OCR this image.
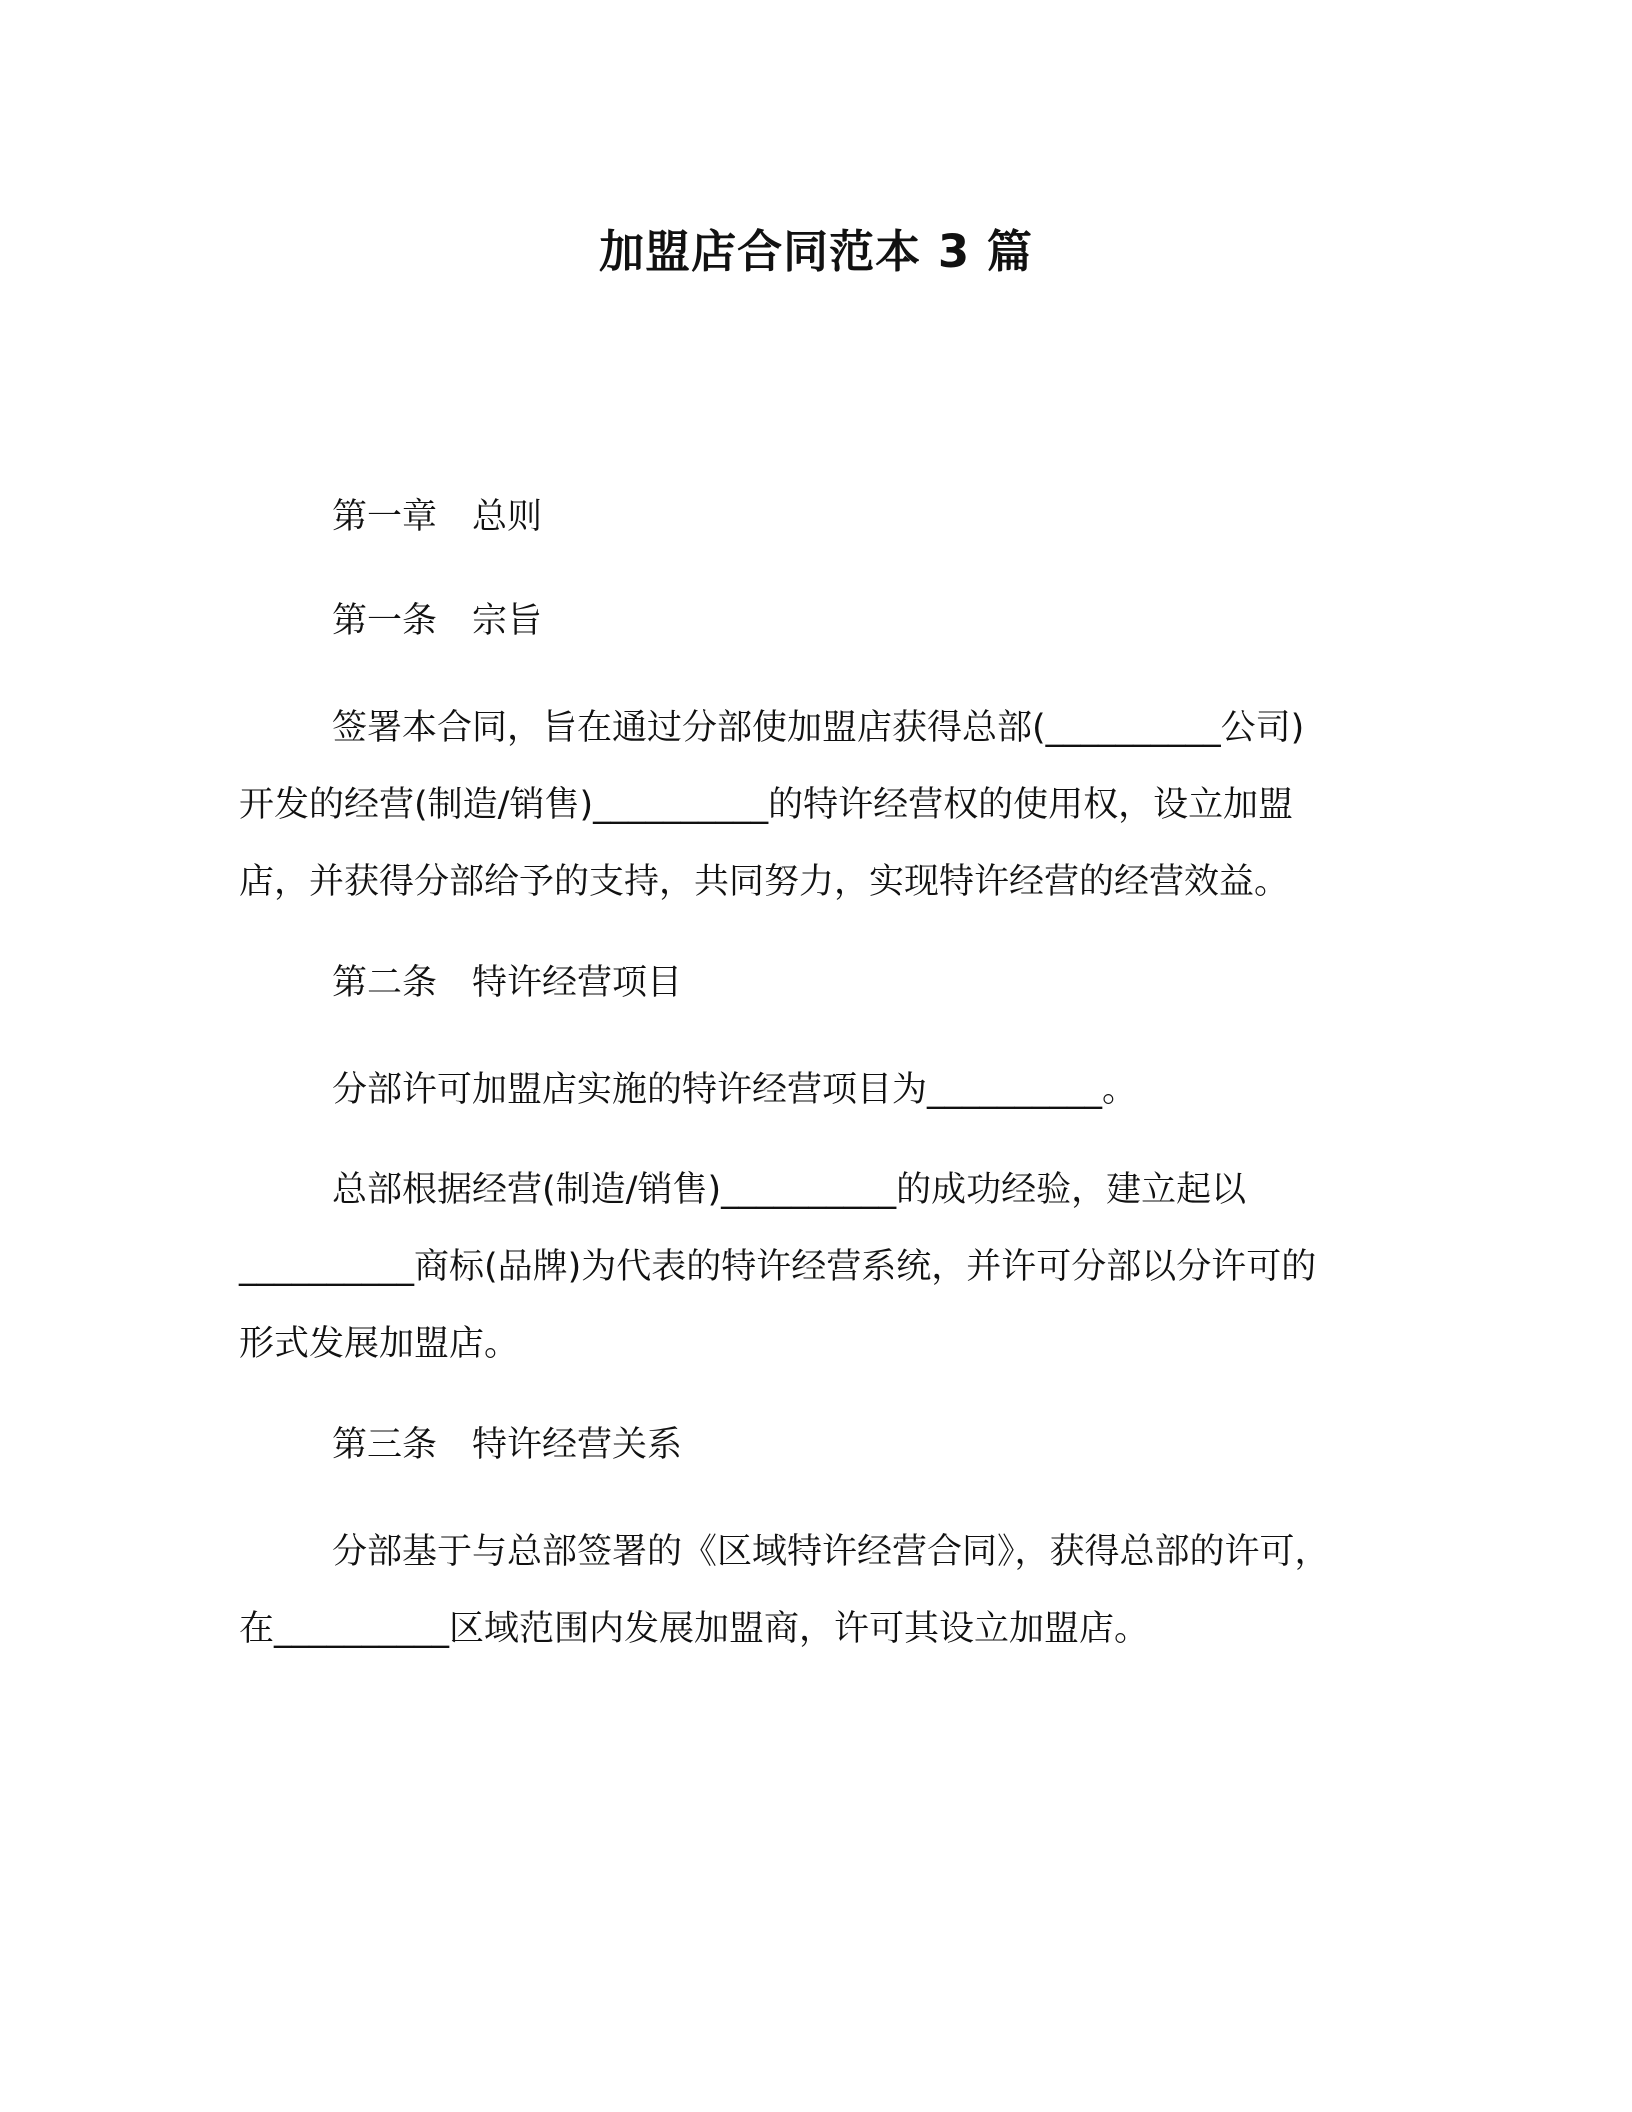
加盟店合同范本 3 篇
第一章　总则
第一条　宗旨
签署本合同，旨在通过分部使加盟店获得总部(__________公司)
开发的经营(制造/销售)__________的特许经营权的使用权，设立加盟
店，并获得分部给予的支持，共同努力，实现特许经营的经营效益。
第二条　特许经营项目
分部许可加盟店实施的特许经营项目为__________。
总部根据经营(制造/销售)__________的成功经验，建立起以
__________商标(品牌)为代表的特许经营系统，并许可分部以分许可的
形式发展加盟店。
第三条　特许经营关系
分部基于与总部签署的《区域特许经营合同》，获得总部的许可，
在__________区域范围内发展加盟商，许可其设立加盟店。
